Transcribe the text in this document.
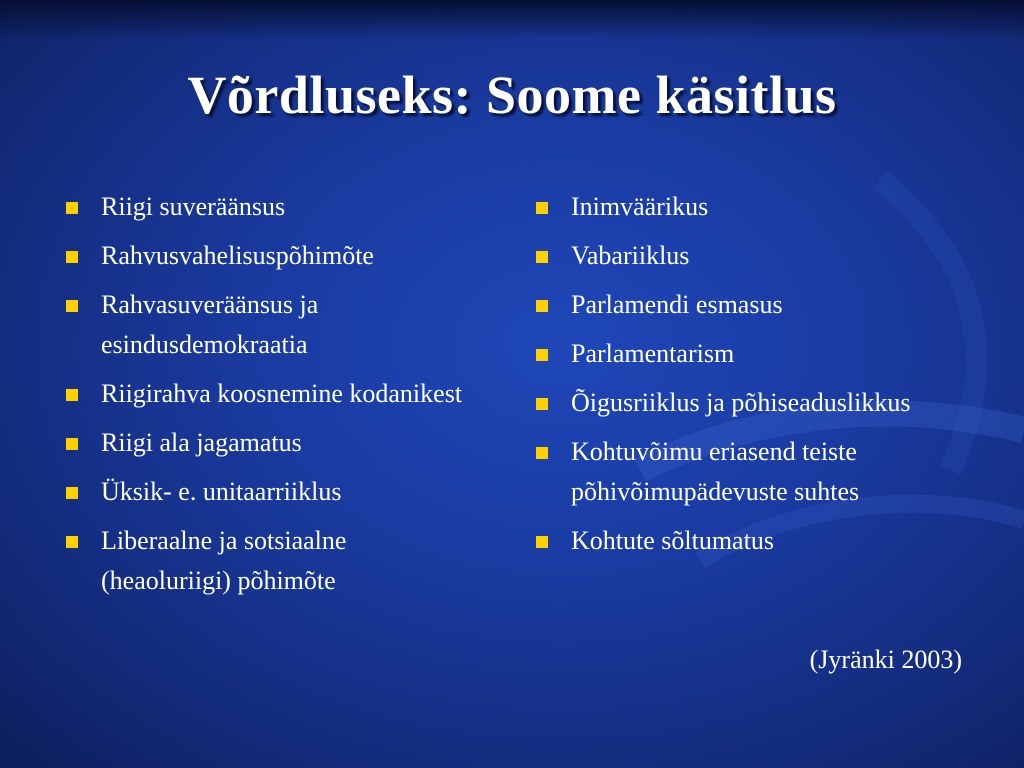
Võrdluseks: Soome käsitlus
Riigi suveräänsus
Rahvusvahelisuspõhimõte
Rahvasuveräänsus ja esindusdemokraatia
Riigirahva koosnemine kodanikest
Riigi ala jagamatus
Üksik- e. unitaarriiklus
Liberaalne ja sotsiaalne (heaoluriigi) põhimõte
Inimväärikus
Vabariiklus
Parlamendi esmasus
Parlamentarism
Õigusriiklus ja põhiseaduslikkus
Kohtuvõimu eriasend teiste põhivõimupädevuste suhtes
Kohtute sõltumatus
(Jyränki 2003)
